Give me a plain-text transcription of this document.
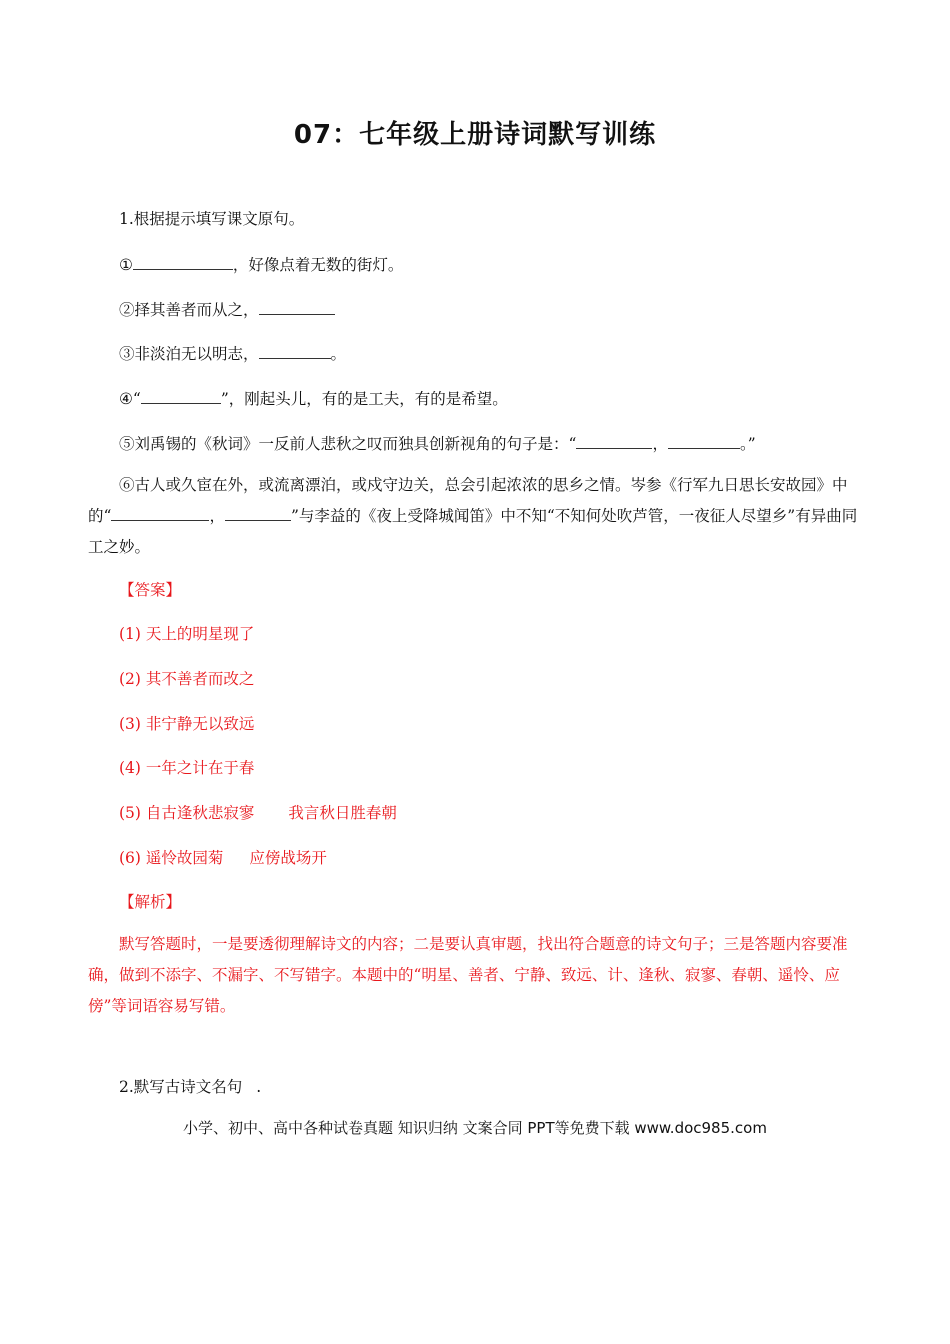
07：七年级上册诗词默写训练
1.根据提示填写课文原句。
①	，好像点着无数的街灯。
②择其善者而从之，
③非淡泊无以明志，	。
④“	”，刚起头儿，有的是工夫，有的是希望。
⑤刘禹锡的《秋词》一反前人悲秋之叹而独具创新视角的句子是：“	，	。”
⑥古人或久宦在外，或流离漂泊，或戍守边关，总会引起浓浓的思乡之情。岑参《行军九日思长安故园》中的“	，	”与李益的《夜上受降城闻笛》中不知“不知何处吹芦管，一夜征人尽望乡”有异曲同工之妙。
【答案】
(1) 天上的明星现了
(2) 其不善者而改之
(3) 非宁静无以致远
(4) 一年之计在于春
(5) 自古逢秋悲寂寥 我言秋日胜春朝
(6) 遥怜故园菊 应傍战场开
【解析】
默写答题时，一是要透彻理解诗文的内容；二是要认真审题，找出符合题意的诗文句子；三是答题内容要准确，做到不添字、不漏字、不写错字。本题中的“明星、善者、宁静、致远、计、逢秋、寂寥、春朝、遥怜、应傍”等词语容易写错。
2.默写古诗文名句 .
小学、初中、高中各种试卷真题 知识归纳 文案合同 PPT等免费下载 www.doc985.com
